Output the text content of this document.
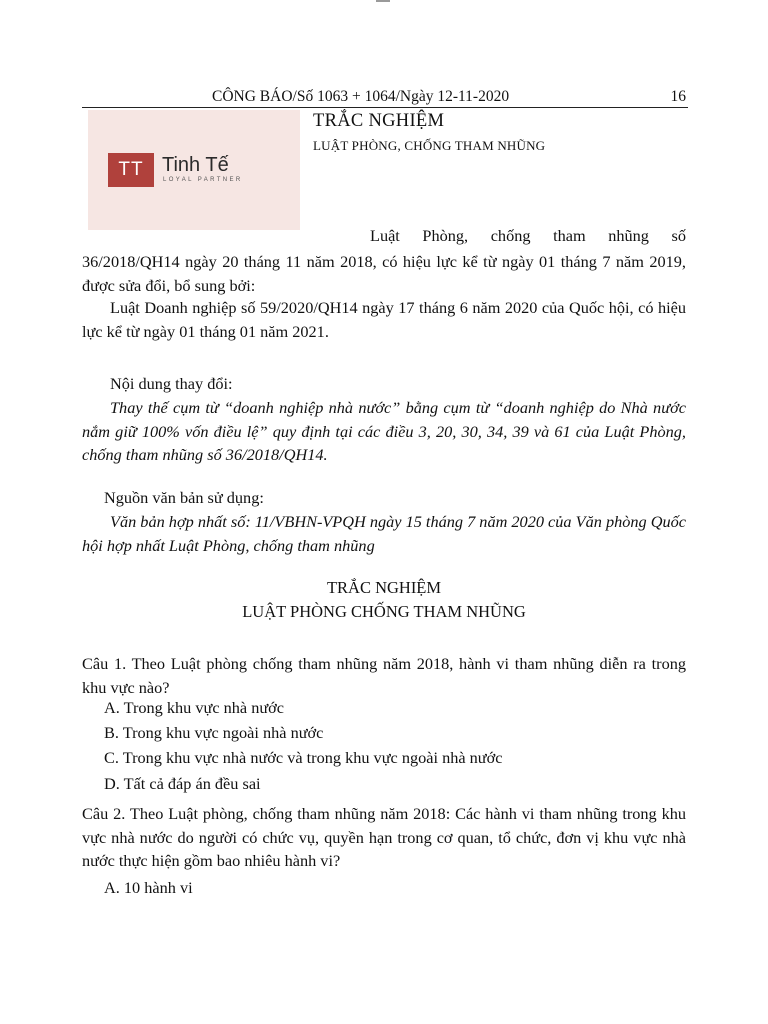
CÔNG BÁO/Số 1063 + 1064/Ngày 12-11-2020	16
TT Tinh Tế
LOYAL PARTNER
TRẮC NGHIỆM
LUẬT PHÒNG, CHỐNG THAM NHŨNG
Luật Phòng, chống tham nhũng số
36/2018/QH14 ngày 20 tháng 11 năm 2018, có hiệu lực kể từ ngày 01 tháng 7 năm 2019, được sửa đổi, bổ sung bởi:
Luật Doanh nghiệp số 59/2020/QH14 ngày 17 tháng 6 năm 2020 của Quốc hội, có hiệu lực kể từ ngày 01 tháng 01 năm 2021.
Nội dung thay đổi:
Thay thế cụm từ “doanh nghiệp nhà nước” bằng cụm từ “doanh nghiệp do Nhà nước nắm giữ 100% vốn điều lệ” quy định tại các điều 3, 20, 30, 34, 39 và 61 của Luật Phòng, chống tham nhũng số 36/2018/QH14.
Nguồn văn bản sử dụng:
Văn bản hợp nhất số: 11/VBHN-VPQH ngày 15 tháng 7 năm 2020 của Văn phòng Quốc hội hợp nhất Luật Phòng, chống tham nhũng
TRẮC NGHIỆM
LUẬT PHÒNG CHỐNG THAM NHŨNG
Câu 1. Theo Luật phòng chống tham nhũng năm 2018, hành vi tham nhũng diễn ra trong khu vực nào?
A. Trong khu vực nhà nước
B. Trong khu vực ngoài nhà nước
C. Trong khu vực nhà nước và trong khu vực ngoài nhà nước
D. Tất cả đáp án đều sai
Câu 2. Theo Luật phòng, chống tham nhũng năm 2018: Các hành vi tham nhũng trong khu vực nhà nước do người có chức vụ, quyền hạn trong cơ quan, tổ chức, đơn vị khu vực nhà nước thực hiện gồm bao nhiêu hành vi?
A. 10 hành vi
